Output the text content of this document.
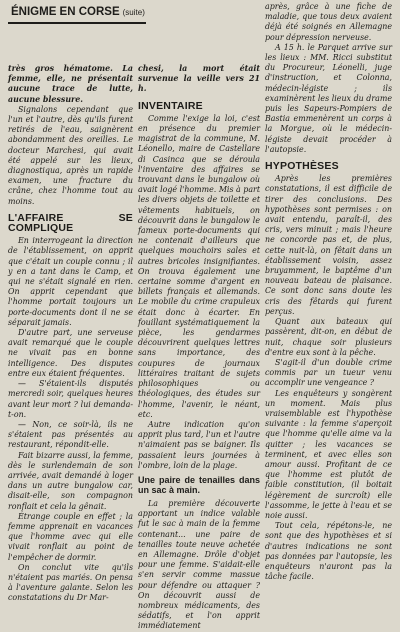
ÉNIGME EN CORSE (suite)

très gros hématome. La femme, elle, ne présentait aucune trace de lutte, aucune blessure.

Signalons cependant que l'un et l'autre, dès qu'ils furent retirés de l'eau, saignèrent abondamment des oreilles. Le docteur Marchesi, qui avait été appelé sur les lieux, diagnostiqua, après un rapide examen, une fracture du crâne, chez l'homme tout au moins.

L'AFFAIRE SE COMPLIQUE

En interrogeant la direction de l'établissement, on apprit que c'était un couple connu ; il y en a tant dans le Camp, et qui ne s'était signalé en rien. On apprit cependant que l'homme portait toujours un porte-documents dont il ne se séparait jamais.

D'autre part, une serveuse avait remarqué que le couple ne vivait pas en bonne intelligence. Des disputes entre eux étaient fréquentes.

— S'étaient-ils disputés mercredi soir, quelques heures avant leur mort ? lui demanda-t-on.

— Non, ce soir-là, ils ne s'étaient pas présentés au restaurant, répondit-elle.

Fait bizarre aussi, la femme, dès le surlendemain de son arrivée, avait demandé à loger dans un autre bungalow car, disait-elle, son compagnon ronflait et cela la gênait.

Étrange couple en effet ; la femme apprenait en vacances que l'homme avec qui elle vivait ronflait au point de l'empêcher de dormir.

On conclut vite qu'ils n'étaient pas mariés. On pensa à l'aventure galante. Selon les constatations du Dr Mar-

chesi, la mort était survenue la veille vers 21 h.

INVENTAIRE

Comme l'exige la loi, c'est en présence du premier magistrat de la commune, M. Léonello, maire de Castellare di Casinca que se déroula l'inventaire des affaires se trouvant dans le bungalow où avait logé l'homme. Mis à part les divers objets de toilette et vêtements habituels, on découvrit dans le bungalow le fameux porte-documents qui ne contenait d'ailleurs que quelques mouchoirs sales et autres bricoles insignifiantes. On trouva également une certaine somme d'argent en billets français et allemands. Le mobile du crime crapuleux était donc à écarter. En fouillant systématiquement la pièce, les gendarmes découvrirent quelques lettres sans importance, des coupures de journaux littéraires traitant de sujets philosophiques ou théologiques, des études sur l'homme, l'avenir, le néant, etc.

Autre indication qu'on apprit plus tard, l'un et l'autre n'aimaient pas se baigner. Ils passaient leurs journées à l'ombre, loin de la plage.

Une paire de tenailles dans un sac à main.

La première découverte apportant un indice valable fut le sac à main de la femme contenant... une paire de tenailles toute neuve achetée en Allemagne. Drôle d'objet pour une femme. S'aidait-elle s'en servir comme massue pour défendre ou attaquer ? On découvrit aussi de nombreux médicaments, des sédatifs, et l'on apprit immédiatement

après, grâce à une fiche de maladie, que tous deux avaient déjà été soignés en Allemagne pour dépression nerveuse.

A 15 h. le Parquet arrive sur les lieux : MM. Ricci substitut du Procureur, Léonelli, juge d'instruction, et Colonna, médecin-légiste ; ils examinèrent les lieux du drame puis les Sapeurs-Pompiers de Bastia emmenèrent un corps à la Morgue, où le médecin-légiste devait procéder à l'autopsie.

HYPOTHÈSES

Après les premières constatations, il est difficile de tirer des conclusions. Des hypothèses sont permises : on avait entendu, paraît-il, des cris, vers minuit ; mais l'heure ne concorde pas et, de plus, cette nuit-là, on fêtait dans un établissement voisin, assez bruyamment, le baptême d'un nouveau bateau de plaisance. Ce sont donc sans doute les cris des fêtards qui furent perçus.

Quant aux bateaux qui passèrent, dit-on, en début de nuit, chaque soir plusieurs d'entre eux sont à la pêche.

S'agit-il d'un double crime commis par un tueur venu accomplir une vengeance ?

Les enquêteurs y songèrent un moment. Mais plus vraisemblable est l'hypothèse suivante : la femme s'aperçoit que l'homme qu'elle aime va la quitter ; les vacances se terminent, et avec elles son amour aussi. Profitant de ce que l'homme est plutôt de faible constitution, (il boitait légèrement de surcroît) elle l'assomme, le jette à l'eau et se noie aussi.

Tout cela, répétons-le, ne sont que des hypothèses et si d'autres indications ne sont pas données par l'autopsie, les enquêteurs n'auront pas la tâche facile.
